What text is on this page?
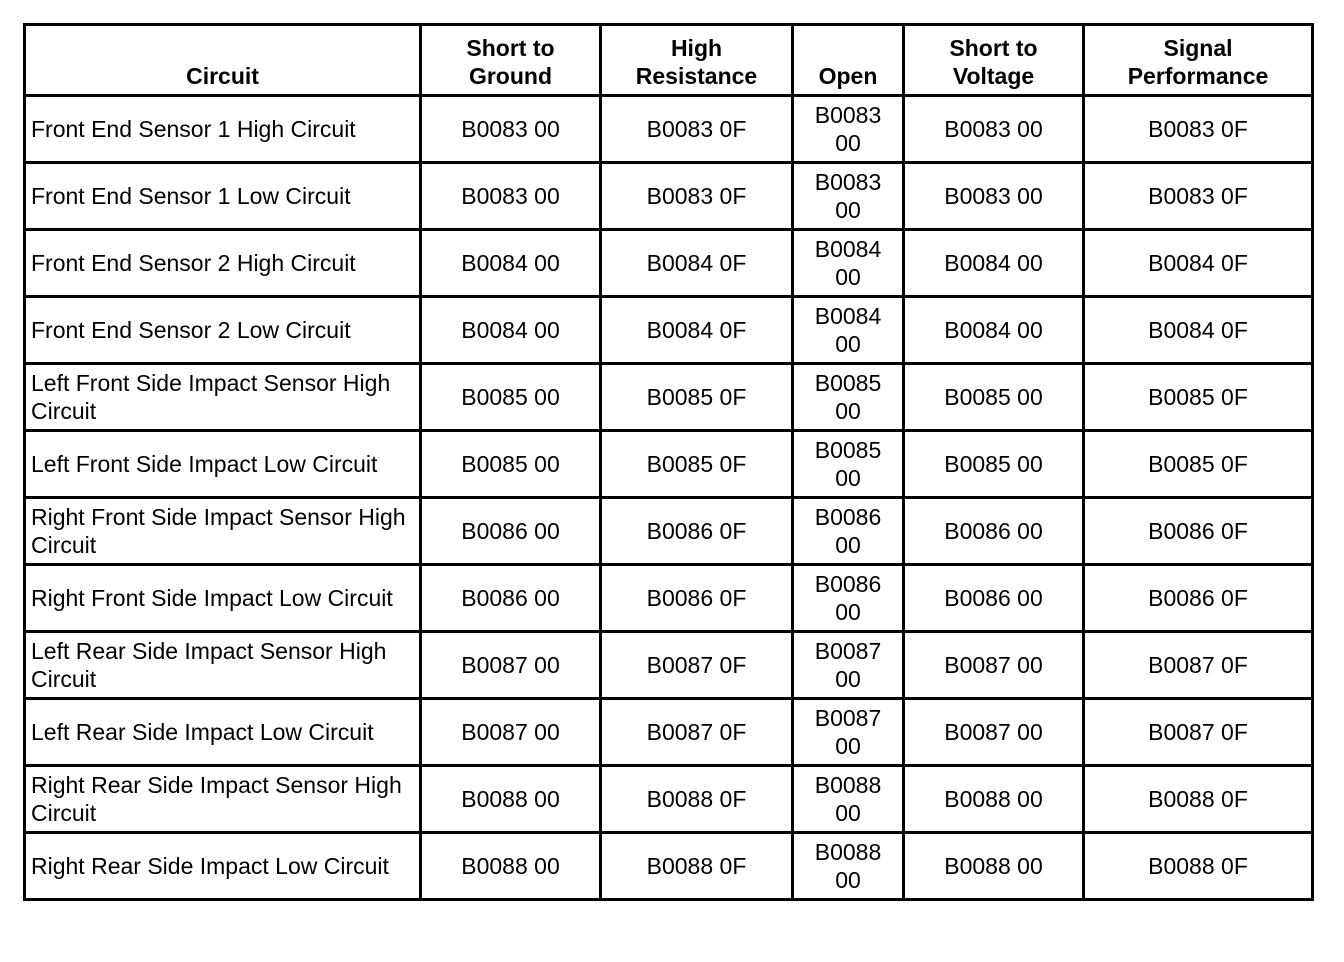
Circuit	Short to Ground	High Resistance	Open	Short to Voltage	Signal Performance

Front End Sensor 1 High Circuit	B0083 00	B0083 0F	B0083 00	B0083 00	B0083 0F
Front End Sensor 1 Low Circuit	B0083 00	B0083 0F	B0083 00	B0083 00	B0083 0F
Front End Sensor 2 High Circuit	B0084 00	B0084 0F	B0084 00	B0084 00	B0084 0F
Front End Sensor 2 Low Circuit	B0084 00	B0084 0F	B0084 00	B0084 00	B0084 0F
Left Front Side Impact Sensor High Circuit	B0085 00	B0085 0F	B0085 00	B0085 00	B0085 0F
Left Front Side Impact Low Circuit	B0085 00	B0085 0F	B0085 00	B0085 00	B0085 0F
Right Front Side Impact Sensor High Circuit	B0086 00	B0086 0F	B0086 00	B0086 00	B0086 0F
Right Front Side Impact Low Circuit	B0086 00	B0086 0F	B0086 00	B0086 00	B0086 0F
Left Rear Side Impact Sensor High Circuit	B0087 00	B0087 0F	B0087 00	B0087 00	B0087 0F
Left Rear Side Impact Low Circuit	B0087 00	B0087 0F	B0087 00	B0087 00	B0087 0F
Right Rear Side Impact Sensor High Circuit	B0088 00	B0088 0F	B0088 00	B0088 00	B0088 0F
Right Rear Side Impact Low Circuit	B0088 00	B0088 0F	B0088 00	B0088 00	B0088 0F
